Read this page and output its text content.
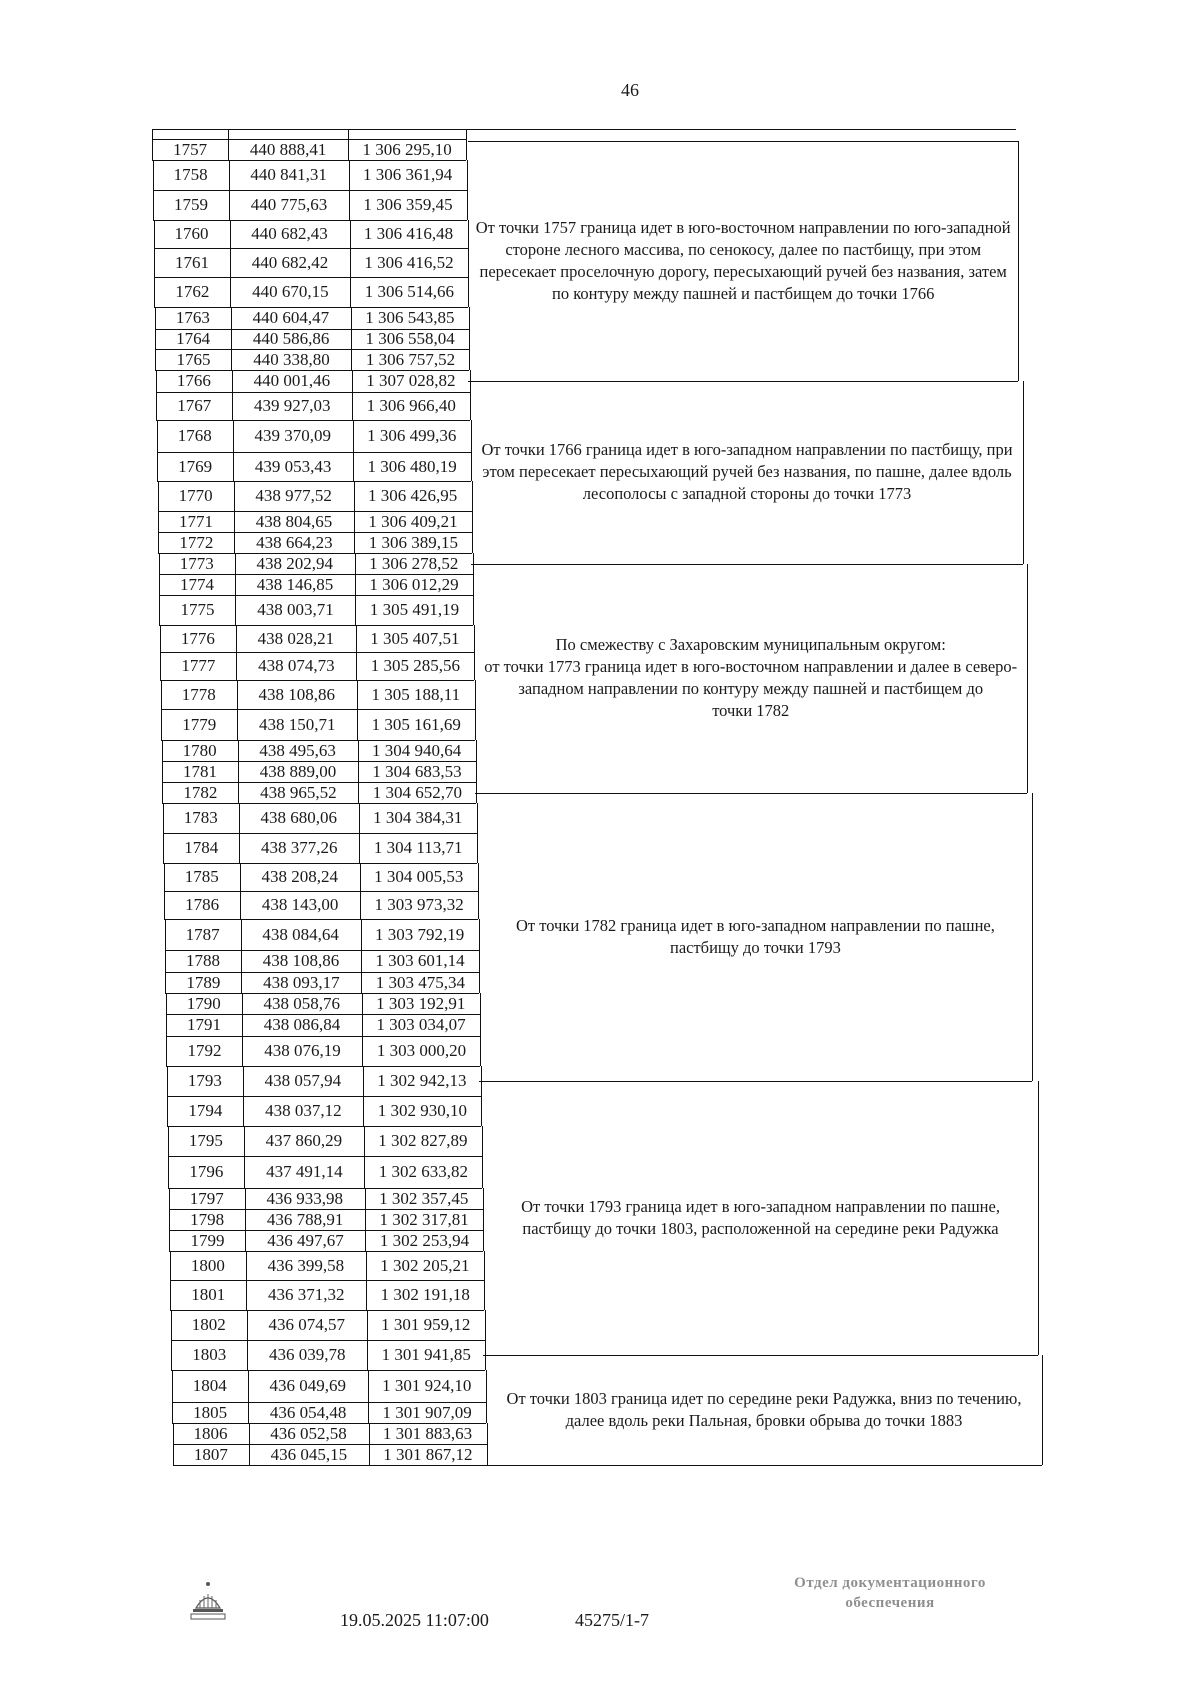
46
1757	440 888,41	1 306 295,10
1758	440 841,31	1 306 361,94
1759	440 775,63	1 306 359,45
1760	440 682,43	1 306 416,48
1761	440 682,42	1 306 416,52
1762	440 670,15	1 306 514,66
1763	440 604,47	1 306 543,85
1764	440 586,86	1 306 558,04
1765	440 338,80	1 306 757,52
1766	440 001,46	1 307 028,82
1767	439 927,03	1 306 966,40
1768	439 370,09	1 306 499,36
1769	439 053,43	1 306 480,19
1770	438 977,52	1 306 426,95
1771	438 804,65	1 306 409,21
1772	438 664,23	1 306 389,15
1773	438 202,94	1 306 278,52
1774	438 146,85	1 306 012,29
1775	438 003,71	1 305 491,19
1776	438 028,21	1 305 407,51
1777	438 074,73	1 305 285,56
1778	438 108,86	1 305 188,11
1779	438 150,71	1 305 161,69
1780	438 495,63	1 304 940,64
1781	438 889,00	1 304 683,53
1782	438 965,52	1 304 652,70
1783	438 680,06	1 304 384,31
1784	438 377,26	1 304 113,71
1785	438 208,24	1 304 005,53
1786	438 143,00	1 303 973,32
1787	438 084,64	1 303 792,19
1788	438 108,86	1 303 601,14
1789	438 093,17	1 303 475,34
1790	438 058,76	1 303 192,91
1791	438 086,84	1 303 034,07
1792	438 076,19	1 303 000,20
1793	438 057,94	1 302 942,13
1794	438 037,12	1 302 930,10
1795	437 860,29	1 302 827,89
1796	437 491,14	1 302 633,82
1797	436 933,98	1 302 357,45
1798	436 788,91	1 302 317,81
1799	436 497,67	1 302 253,94
1800	436 399,58	1 302 205,21
1801	436 371,32	1 302 191,18
1802	436 074,57	1 301 959,12
1803	436 039,78	1 301 941,85
1804	436 049,69	1 301 924,10
1805	436 054,48	1 301 907,09
1806	436 052,58	1 301 883,63
1807	436 045,15	1 301 867,12
От точки 1757 граница идет в юго-восточном направлении по юго-западной
стороне лесного массива, по сенокосу, далее по пастбищу, при этом
пересекает проселочную дорогу, пересыхающий ручей без названия, затем
по контуру между пашней и пастбищем до точки 1766
От точки 1766 граница идет в юго-западном направлении по пастбищу, при
этом пересекает пересыхающий ручей без названия, по пашне, далее вдоль
лесополосы с западной стороны до точки 1773
По смежеству с Захаровским муниципальным округом:
от точки 1773 граница идет в юго-восточном направлении и далее в северо-
западном направлении по контуру между пашней и пастбищем до
точки 1782
От точки 1782 граница идет в юго-западном направлении по пашне,
пастбищу до точки 1793
От точки 1793 граница идет в юго-западном направлении по пашне,
пастбищу до точки 1803, расположенной на середине реки Радужка
От точки 1803 граница идет по середине реки Радужка, вниз по течению,
далее вдоль реки Пальная, бровки обрыва до точки 1883
19.05.2025 11:07:00	45275/1-7
Отдел документационного
обеспечения
